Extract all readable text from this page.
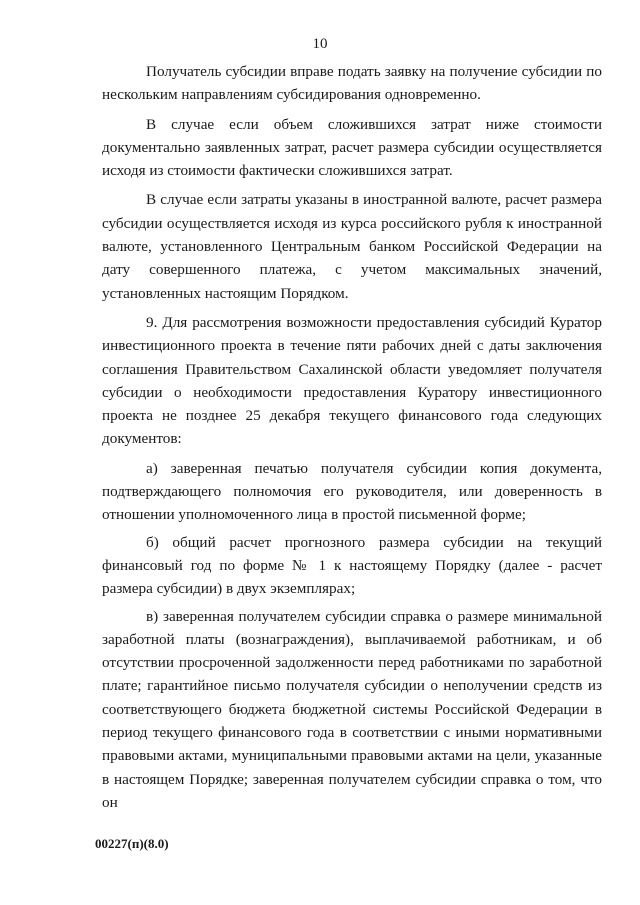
10

Получатель субсидии вправе подать заявку на получение субсидии по нескольким направлениям субсидирования одновременно.

В случае если объем сложившихся затрат ниже стоимости документально заявленных затрат, расчет размера субсидии осуществляется исходя из стоимости фактически сложившихся затрат.

В случае если затраты указаны в иностранной валюте, расчет размера субсидии осуществляется исходя из курса российского рубля к иностранной валюте, установленного Центральным банком Российской Федерации на дату совершенного платежа, с учетом максимальных значений, установленных настоящим Порядком.

9. Для рассмотрения возможности предоставления субсидий Куратор инвестиционного проекта в течение пяти рабочих дней с даты заключения соглашения Правительством Сахалинской области уведомляет получателя субсидии о необходимости предоставления Куратору инвестиционного проекта не позднее 25 декабря текущего финансового года следующих документов:

а) заверенная печатью получателя субсидии копия документа, подтверждающего полномочия его руководителя, или доверенность в отношении уполномоченного лица в простой письменной форме;

б) общий расчет прогнозного размера субсидии на текущий финансовый год по форме № 1 к настоящему Порядку (далее - расчет размера субсидии) в двух экземплярах;

в) заверенная получателем субсидии справка о размере минимальной заработной платы (вознаграждения), выплачиваемой работникам, и об отсутствии просроченной задолженности перед работниками по заработной плате; гарантийное письмо получателя субсидии о неполучении средств из соответствующего бюджета бюджетной системы Российской Федерации в период текущего финансового года в соответствии с иными нормативными правовыми актами, муниципальными правовыми актами на цели, указанные в настоящем Порядке; заверенная получателем субсидии справка о том, что он

00227(п)(8.0)
